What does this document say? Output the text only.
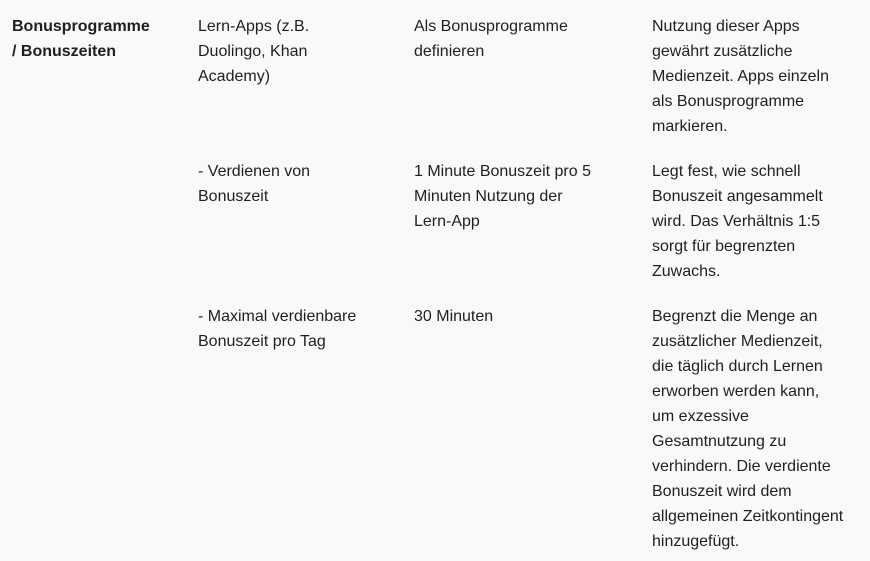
Bonusprogramme
/ Bonuszeiten
Lern-Apps (z.B.
Duolingo, Khan
Academy)
Als Bonusprogramme
definieren
Nutzung dieser Apps
gewährt zusätzliche
Medienzeit. Apps einzeln
als Bonusprogramme
markieren.
- Verdienen von
Bonuszeit
1 Minute Bonuszeit pro 5
Minuten Nutzung der
Lern-App
Legt fest, wie schnell
Bonuszeit angesammelt
wird. Das Verhältnis 1:5
sorgt für begrenzten
Zuwachs.
- Maximal verdienbare
Bonuszeit pro Tag
30 Minuten	Begrenzt die Menge an
zusätzlicher Medienzeit,
die täglich durch Lernen
erworben werden kann,
um exzessive
Gesamtnutzung zu
verhindern. Die verdiente
Bonuszeit wird dem
allgemeinen Zeitkontingent
hinzugefügt.
